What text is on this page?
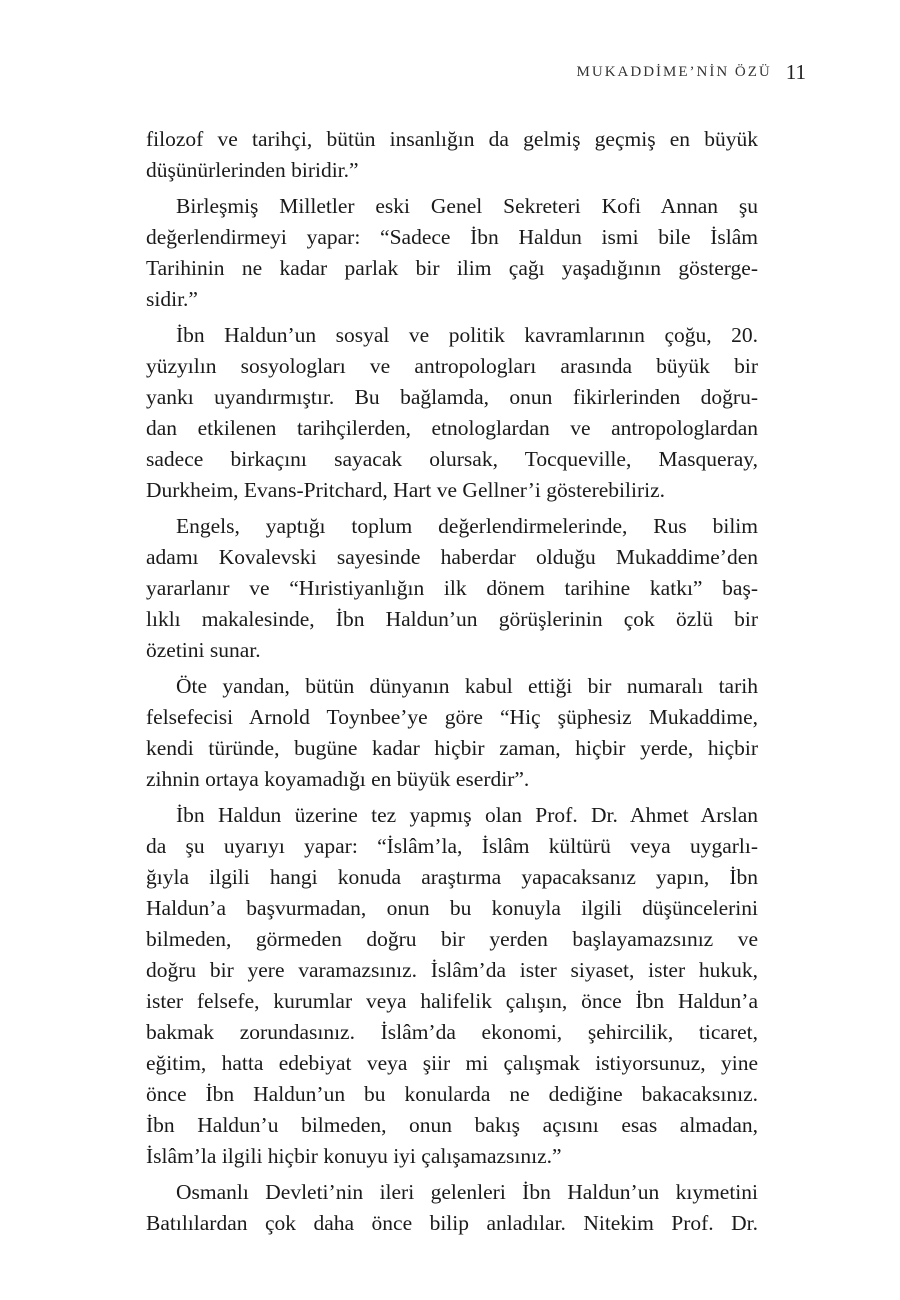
MUKADDİME’NİN ÖZÜ 11
filozof ve tarihçi, bütün insanlığın da gelmiş geçmiş en büyük
düşünürlerinden biridir.”
Birleşmiş Milletler eski Genel Sekreteri Kofi Annan şu
değerlendirmeyi yapar: “Sadece İbn Haldun ismi bile İslâm
Tarihinin ne kadar parlak bir ilim çağı yaşadığının gösterge-
sidir.”
İbn Haldun’un sosyal ve politik kavramlarının çoğu, 20.
yüzyılın sosyologları ve antropologları arasında büyük bir
yankı uyandırmıştır. Bu bağlamda, onun fikirlerinden doğru-
dan etkilenen tarihçilerden, etnologlardan ve antropologlardan
sadece birkaçını sayacak olursak, Tocqueville, Masqueray,
Durkheim, Evans-Pritchard, Hart ve Gellner’i gösterebiliriz.
Engels, yaptığı toplum değerlendirmelerinde, Rus bilim
adamı Kovalevski sayesinde haberdar olduğu Mukaddime’den
yararlanır ve “Hıristiyanlığın ilk dönem tarihine katkı” baş-
lıklı makalesinde, İbn Haldun’un görüşlerinin çok özlü bir
özetini sunar.
Öte yandan, bütün dünyanın kabul ettiği bir numaralı tarih
felsefecisi Arnold Toynbee’ye göre “Hiç şüphesiz Mukaddime,
kendi türünde, bugüne kadar hiçbir zaman, hiçbir yerde, hiçbir
zihnin ortaya koyamadığı en büyük eserdir”.
İbn Haldun üzerine tez yapmış olan Prof. Dr. Ahmet Arslan
da şu uyarıyı yapar: “İslâm’la, İslâm kültürü veya uygarlı-
ğıyla ilgili hangi konuda araştırma yapacaksanız yapın, İbn
Haldun’a başvurmadan, onun bu konuyla ilgili düşüncelerini
bilmeden, görmeden doğru bir yerden başlayamazsınız ve
doğru bir yere varamazsınız. İslâm’da ister siyaset, ister hukuk,
ister felsefe, kurumlar veya halifelik çalışın, önce İbn Haldun’a
bakmak zorundasınız. İslâm’da ekonomi, şehircilik, ticaret,
eğitim, hatta edebiyat veya şiir mi çalışmak istiyorsunuz, yine
önce İbn Haldun’un bu konularda ne dediğine bakacaksınız.
İbn Haldun’u bilmeden, onun bakış açısını esas almadan,
İslâm’la ilgili hiçbir konuyu iyi çalışamazsınız.”
Osmanlı Devleti’nin ileri gelenleri İbn Haldun’un kıymetini
Batılılardan çok daha önce bilip anladılar. Nitekim Prof. Dr.
